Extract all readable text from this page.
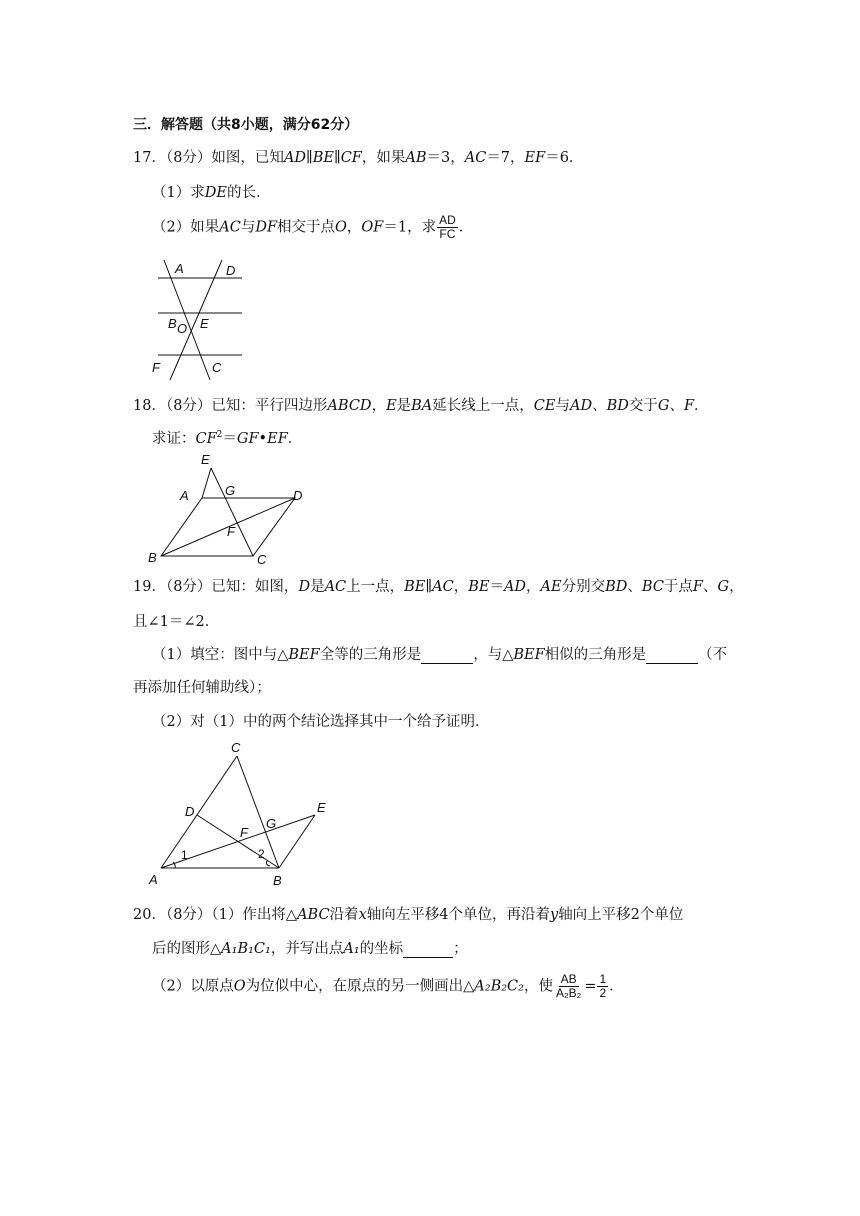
三．解答题（共8小题，满分62分）
17．（8分）如图，已知AD∥BE∥CF，如果AB＝3，AC＝7，EF＝6．
（1）求DE的长．
（2）如果AC与DF相交于点O，OF＝1，求 $\frac{AD}{FC}$ ．
A	D
B O E
F	C
18．（8分）已知：平行四边形ABCD，E是BA延长线上一点，CE与AD、BD交于G、F．
求证：$CF^2=GF•EF$．
E
A	G	D
F
B	C
19．（8分）已知：如图，D是AC上一点，BE∥AC，BE＝AD，AE分别交BD、BC于点F、G，
且∠1＝∠2．
（1）填空：图中与△BEF全等的三角形是	，与△BEF相似的三角形是	（不
再添加任何辅助线）；
（2）对（1）中的两个结论选择其中一个给予证明．
C
D	E
F
G
1	2
A	B
20．（8分）（1）作出将△ABC沿着x轴向左平移4个单位，再沿着y轴向上平移2个单位
后的图形△A₁B₁C₁，并写出点A₁的坐标	；
（2）以原点O为位似中心，在原点的另一侧画出△A₂B₂C₂，使 $\frac{AB}{\text{A₂B₂}} = \frac{1}{2}$ ．
